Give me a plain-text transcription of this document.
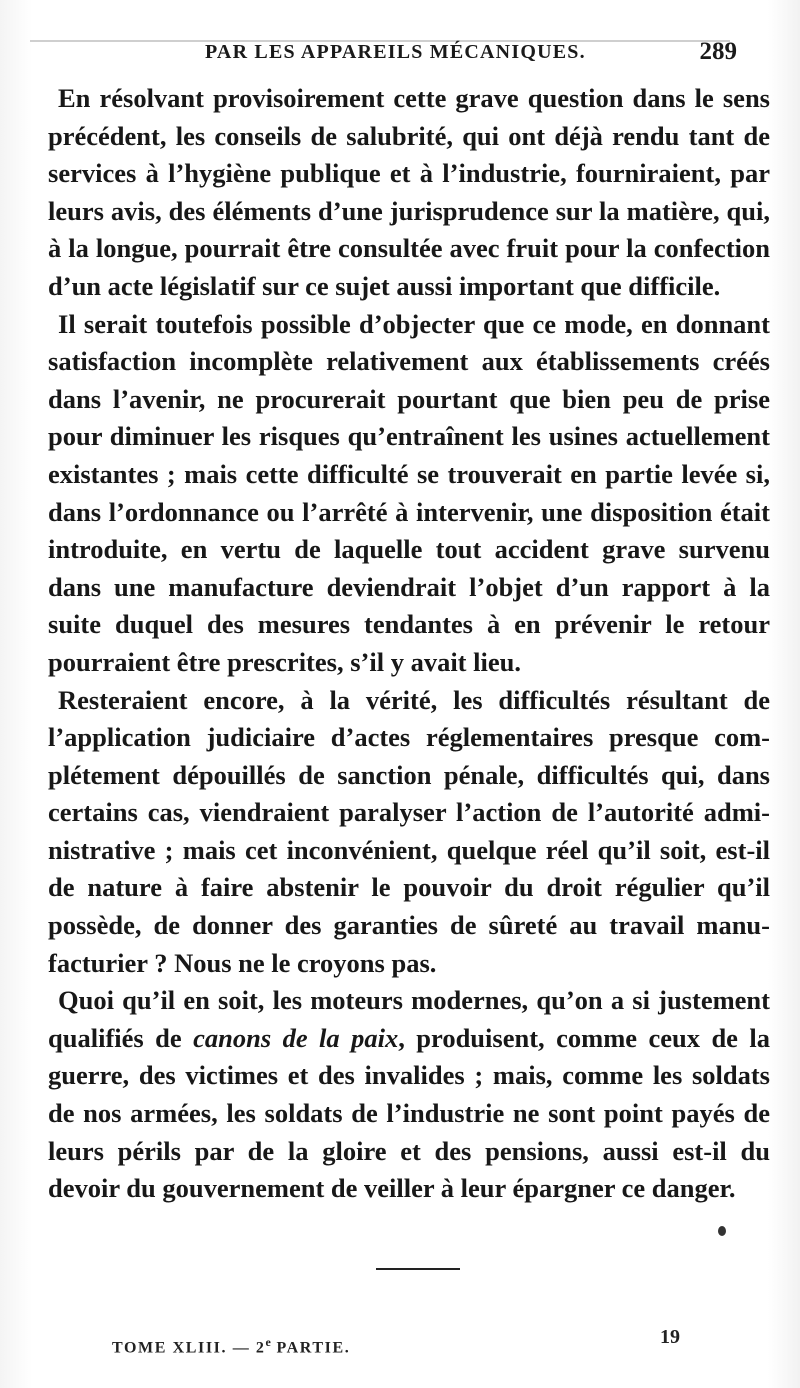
PAR LES APPAREILS MÉCANIQUES.	289

En résolvant provisoirement cette grave question dans le sens précédent, les conseils de salubrité, qui ont déjà rendu tant de services à l’hygiène publique et à l’industrie, fourniraient, par leurs avis, des éléments d’une jurisprudence sur la matière, qui, à la longue, pourrait être consultée avec fruit pour la confection d’un acte législatif sur ce sujet aussi important que difficile.

Il serait toutefois possible d’objecter que ce mode, en donnant satisfaction incomplète relativement aux établissements créés dans l’avenir, ne procurerait pourtant que bien peu de prise pour diminuer les risques qu’entraînent les usines actuellement existantes ; mais cette difficulté se trouverait en partie levée si, dans l’ordonnance ou l’arrêté à intervenir, une disposition était introduite, en vertu de laquelle tout accident grave survenu dans une manufacture deviendrait l’objet d’un rapport à la suite duquel des mesures tendantes à en prévenir le retour pourraient être prescrites, s’il y avait lieu.

Resteraient encore, à la vérité, les difficultés résultant de l’application judiciaire d’actes réglementaires presque complétement dépouillés de sanction pénale, difficultés qui, dans certains cas, viendraient paralyser l’action de l’autorité administrative ; mais cet inconvénient, quelque réel qu’il soit, est-il de nature à faire abstenir le pouvoir du droit régulier qu’il possède, de donner des garanties de sûreté au travail manufacturier ? Nous ne le croyons pas.

Quoi qu’il en soit, les moteurs modernes, qu’on a si justement qualifiés de canons de la paix, produisent, comme ceux de la guerre, des victimes et des invalides ; mais, comme les soldats de nos armées, les soldats de l’industrie ne sont point payés de leurs périls par de la gloire et des pensions, aussi est-il du devoir du gouvernement de veiller à leur épargner ce danger.

TOME XLIII. — 2e PARTIE.	19
